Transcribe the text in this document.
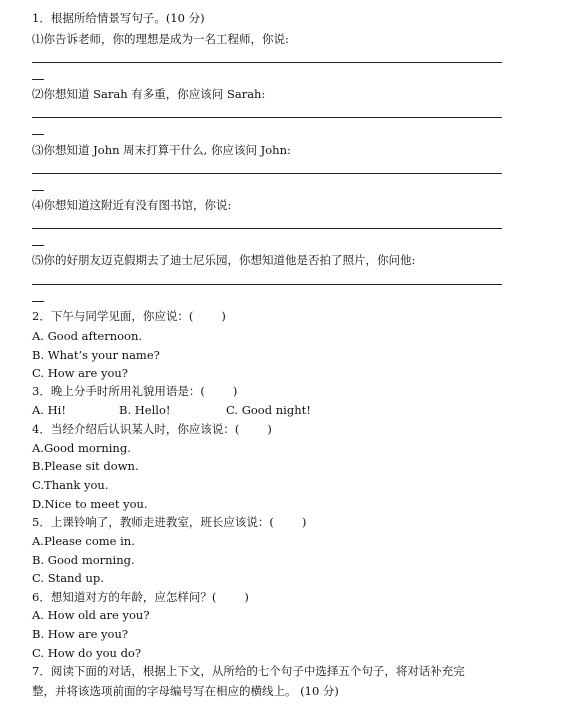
1．根据所给情景写句子。(10 分)
⑴你告诉老师，你的理想是成为一名工程师，你说:
⑵你想知道 Sarah 有多重，你应该问 Sarah:
⑶你想知道 John 周末打算干什么, 你应该问 John:
⑷你想知道这附近有没有图书馆，你说:
⑸你的好朋友迈克假期去了迪士尼乐园，你想知道他是否拍了照片，你问他:
2．下午与同学见面，你应说：( )
A. Good afternoon.
B. What’s your name?
C. How are you?
3．晚上分手时所用礼貌用语是：( )
A. Hi!	B. Hello!	C. Good night!
4．当经介绍后认识某人时，你应该说：( )
A.Good morning.
B.Please sit down.
C.Thank you.
D.Nice to meet you.
5．上课铃响了，教师走进教室，班长应该说：( )
A.Please come in.
B. Good morning.
C. Stand up.
6．想知道对方的年龄，应怎样问？( )
A. How old are you?
B. How are you?
C. How do you do?
7．阅读下面的对话，根据上下文，从所给的七个句子中选择五个句子，将对话补充完
整，并将该选项前面的字母编号写在相应的横线上。 (10 分)
